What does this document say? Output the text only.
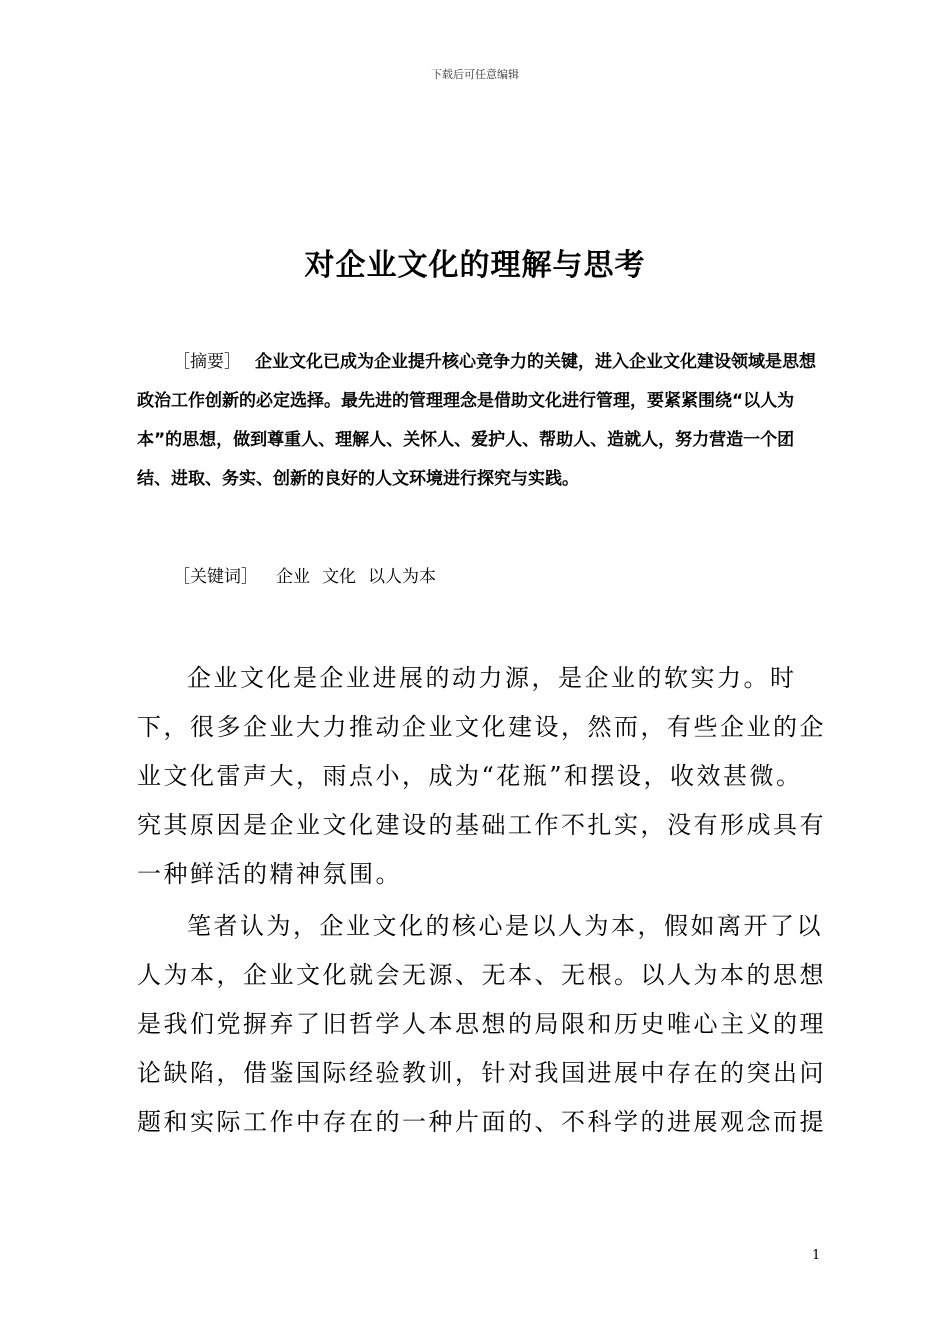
下载后可任意编辑
对企业文化的理解与思考

［摘要］ 企业文化已成为企业提升核心竞争力的关键，进入企业文化建设领域是思想政治工作创新的必定选择。最先进的管理理念是借助文化进行管理，要紧紧围绕“以人为本”的思想，做到尊重人、理解人、关怀人、爱护人、帮助人、造就人，努力营造一个团结、进取、务实、创新的良好的人文环境进行探究与实践。

［关键词］ 企业 文化 以人为本

企业文化是企业进展的动力源，是企业的软实力。时下，很多企业大力推动企业文化建设，然而，有些企业的企业文化雷声大，雨点小，成为“花瓶”和摆设，收效甚微。究其原因是企业文化建设的基础工作不扎实，没有形成具有一种鲜活的精神氛围。

笔者认为，企业文化的核心是以人为本，假如离开了以人为本，企业文化就会无源、无本、无根。以人为本的思想是我们党摒弃了旧哲学人本思想的局限和历史唯心主义的理论缺陷，借鉴国际经验教训，针对我国进展中存在的突出问题和实际工作中存在的一种片面的、不科学的进展观念而提

1
